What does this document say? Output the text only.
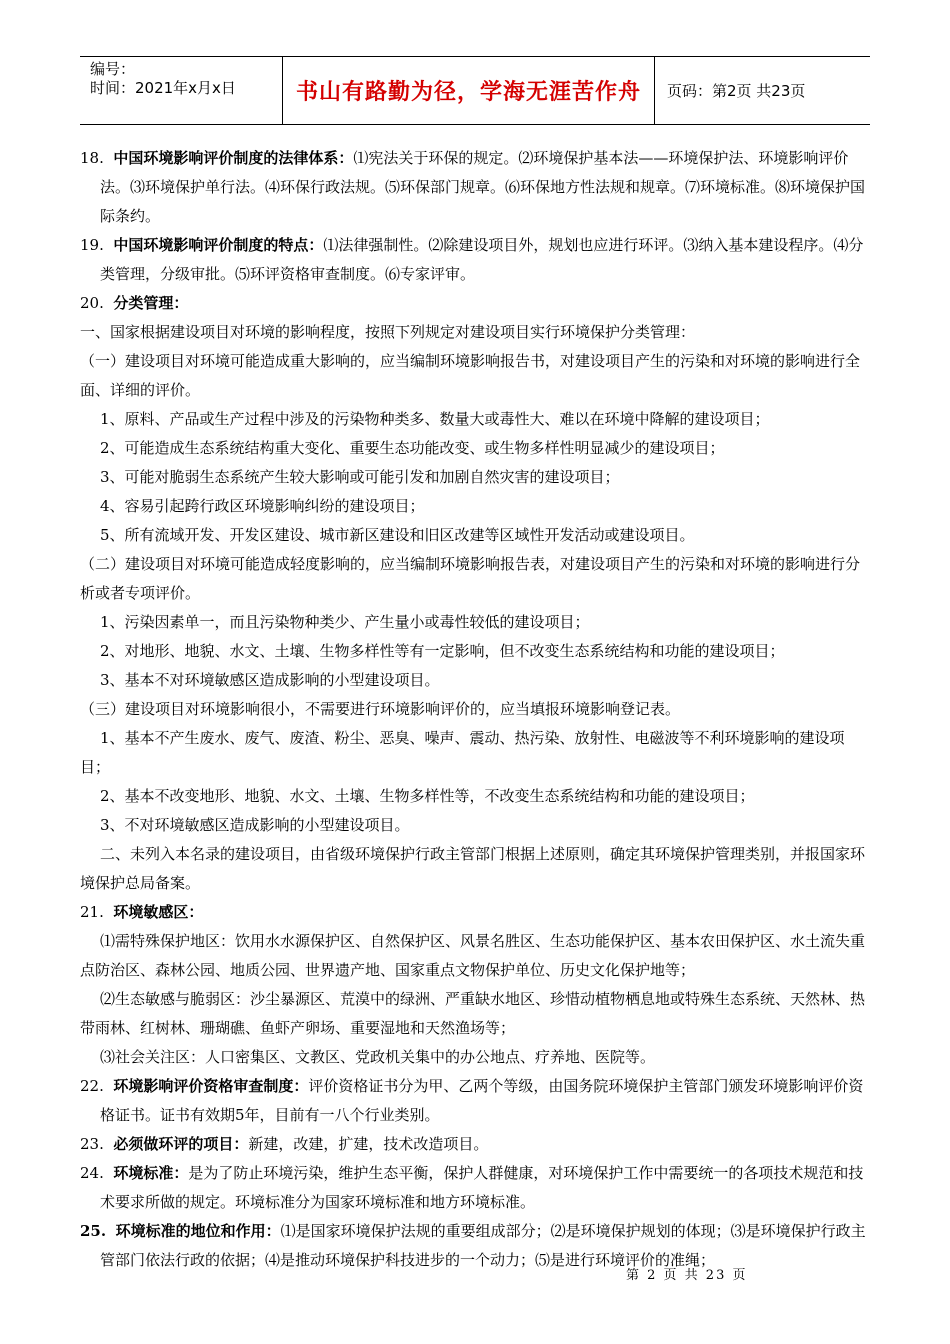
编号：
时间：2021年x月x日	书山有路勤为径，学海无涯苦作舟	页码：第2页 共23页

18. 中国环境影响评价制度的法律体系：⑴宪法关于环保的规定。⑵环境保护基本法——环境保护法、环境影响评价法。⑶环境保护单行法。⑷环保行政法规。⑸环保部门规章。⑹环保地方性法规和规章。⑺环境标准。⑻环境保护国际条约。

19. 中国环境影响评价制度的特点：⑴法律强制性。⑵除建设项目外，规划也应进行环评。⑶纳入基本建设程序。⑷分类管理，分级审批。⑸环评资格审查制度。⑹专家评审。

20. 分类管理：

一、国家根据建设项目对环境的影响程度，按照下列规定对建设项目实行环境保护分类管理：

（一）建设项目对环境可能造成重大影响的，应当编制环境影响报告书，对建设项目产生的污染和对环境的影响进行全面、详细的评价。

1、原料、产品或生产过程中涉及的污染物种类多、数量大或毒性大、难以在环境中降解的建设项目；

2、可能造成生态系统结构重大变化、重要生态功能改变、或生物多样性明显减少的建设项目；

3、可能对脆弱生态系统产生较大影响或可能引发和加剧自然灾害的建设项目；

4、容易引起跨行政区环境影响纠纷的建设项目；

5、所有流域开发、开发区建设、城市新区建设和旧区改建等区域性开发活动或建设项目。

（二）建设项目对环境可能造成轻度影响的，应当编制环境影响报告表，对建设项目产生的污染和对环境的影响进行分析或者专项评价。

1、污染因素单一，而且污染物种类少、产生量小或毒性较低的建设项目；

2、对地形、地貌、水文、土壤、生物多样性等有一定影响，但不改变生态系统结构和功能的建设项目；

3、基本不对环境敏感区造成影响的小型建设项目。

（三）建设项目对环境影响很小，不需要进行环境影响评价的，应当填报环境影响登记表。

1、基本不产生废水、废气、废渣、粉尘、恶臭、噪声、震动、热污染、放射性、电磁波等不利环境影响的建设项目；

2、基本不改变地形、地貌、水文、土壤、生物多样性等，不改变生态系统结构和功能的建设项目；

3、不对环境敏感区造成影响的小型建设项目。

二、未列入本名录的建设项目，由省级环境保护行政主管部门根据上述原则，确定其环境保护管理类别，并报国家环境保护总局备案。

21. 环境敏感区：

⑴需特殊保护地区：饮用水水源保护区、自然保护区、风景名胜区、生态功能保护区、基本农田保护区、水土流失重点防治区、森林公园、地质公园、世界遗产地、国家重点文物保护单位、历史文化保护地等；

⑵生态敏感与脆弱区：沙尘暴源区、荒漠中的绿洲、严重缺水地区、珍惜动植物栖息地或特殊生态系统、天然林、热带雨林、红树林、珊瑚礁、鱼虾产卵场、重要湿地和天然渔场等；

⑶社会关注区：人口密集区、文教区、党政机关集中的办公地点、疗养地、医院等。

22. 环境影响评价资格审查制度：评价资格证书分为甲、乙两个等级，由国务院环境保护主管部门颁发环境影响评价资格证书。证书有效期5年，目前有一八个行业类别。

23. 必须做环评的项目：新建，改建，扩建，技术改造项目。

24. 环境标准：是为了防止环境污染，维护生态平衡，保护人群健康，对环境保护工作中需要统一的各项技术规范和技术要求所做的规定。环境标准分为国家环境标准和地方环境标准。

25. 环境标准的地位和作用：⑴是国家环境保护法规的重要组成部分；⑵是环境保护规划的体现；⑶是环境保护行政主管部门依法行政的依据；⑷是推动环境保护科技进步的一个动力；⑸是进行环境评价的准绳；

第 2 页 共 23 页
